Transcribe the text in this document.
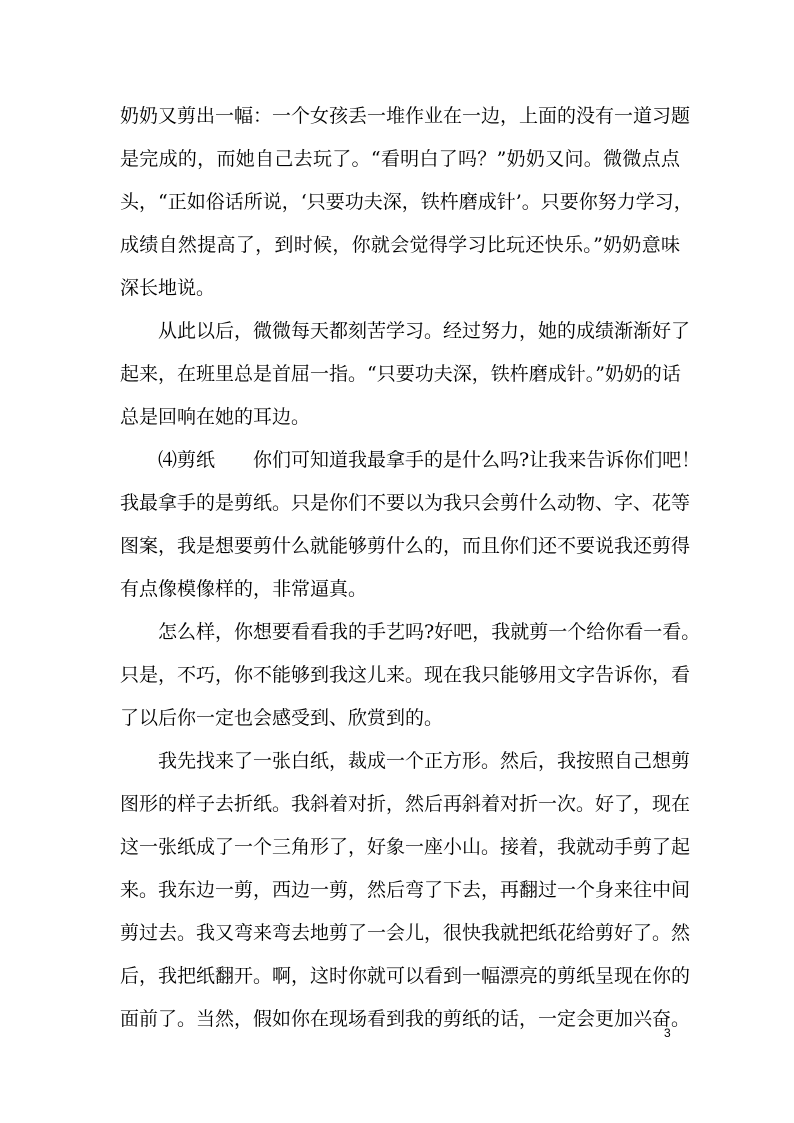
奶奶又剪出一幅：一个女孩丢一堆作业在一边，上面的没有一道习题
是完成的，而她自己去玩了。“看明白了吗？”奶奶又问。微微点点
头，“正如俗话所说，‘只要功夫深，铁杵磨成针’。只要你努力学习，
成绩自然提高了，到时候，你就会觉得学习比玩还快乐。”奶奶意味
深长地说。
从此以后，微微每天都刻苦学习。经过努力，她的成绩渐渐好了
起来，在班里总是首屈一指。“只要功夫深，铁杵磨成针。”奶奶的话
总是回响在她的耳边。
⑷剪纸　　你们可知道我最拿手的是什么吗?让我来告诉你们吧！
我最拿手的是剪纸。只是你们不要以为我只会剪什么动物、字、花等
图案，我是想要剪什么就能够剪什么的，而且你们还不要说我还剪得
有点像模像样的，非常逼真。
怎么样，你想要看看我的手艺吗?好吧，我就剪一个给你看一看。
只是，不巧，你不能够到我这儿来。现在我只能够用文字告诉你，看
了以后你一定也会感受到、欣赏到的。
我先找来了一张白纸，裁成一个正方形。然后，我按照自己想剪
图形的样子去折纸。我斜着对折，然后再斜着对折一次。好了，现在
这一张纸成了一个三角形了，好象一座小山。接着，我就动手剪了起
来。我东边一剪，西边一剪，然后弯了下去，再翻过一个身来往中间
剪过去。我又弯来弯去地剪了一会儿，很快我就把纸花给剪好了。然
后，我把纸翻开。啊，这时你就可以看到一幅漂亮的剪纸呈现在你的
面前了。当然，假如你在现场看到我的剪纸的话，一定会更加兴奋。
3
